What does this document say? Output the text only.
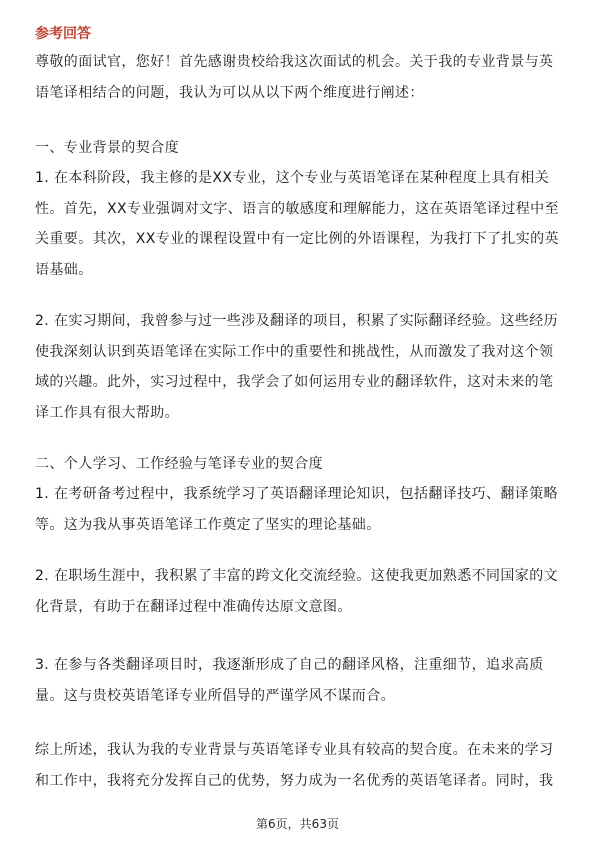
参考回答

尊敬的面试官，您好！首先感谢贵校给我这次面试的机会。关于我的专业背景与英语笔译相结合的问题，我认为可以从以下两个维度进行阐述：

一、专业背景的契合度

1. 在本科阶段，我主修的是XX专业，这个专业与英语笔译在某种程度上具有相关性。首先，XX专业强调对文字、语言的敏感度和理解能力，这在英语笔译过程中至关重要。其次，XX专业的课程设置中有一定比例的外语课程，为我打下了扎实的英语基础。

2. 在实习期间，我曾参与过一些涉及翻译的项目，积累了实际翻译经验。这些经历使我深刻认识到英语笔译在实际工作中的重要性和挑战性，从而激发了我对这个领域的兴趣。此外，实习过程中，我学会了如何运用专业的翻译软件，这对未来的笔译工作具有很大帮助。

二、个人学习、工作经验与笔译专业的契合度

1. 在考研备考过程中，我系统学习了英语翻译理论知识，包括翻译技巧、翻译策略等。这为我从事英语笔译工作奠定了坚实的理论基础。

2. 在职场生涯中，我积累了丰富的跨文化交流经验。这使我更加熟悉不同国家的文化背景，有助于在翻译过程中准确传达原文意图。

3. 在参与各类翻译项目时，我逐渐形成了自己的翻译风格，注重细节，追求高质量。这与贵校英语笔译专业所倡导的严谨学风不谋而合。

综上所述，我认为我的专业背景与英语笔译专业具有较高的契合度。在未来的学习和工作中，我将充分发挥自己的优势，努力成为一名优秀的英语笔译者。同时，我

第6页，共63页
